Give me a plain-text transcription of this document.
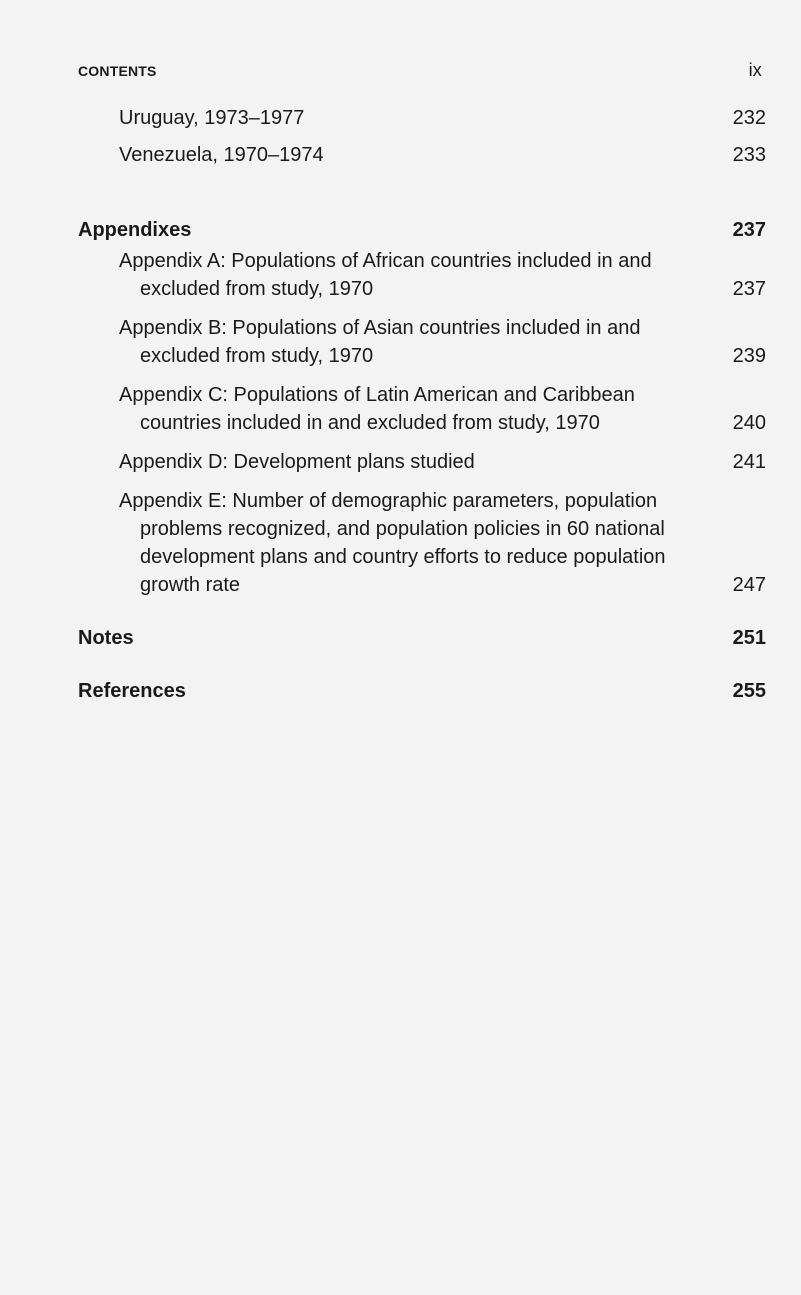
CONTENTS	ix
Uruguay, 1973–1977	232
Venezuela, 1970–1974	233
Appendixes	237
Appendix A: Populations of African countries included in and excluded from study, 1970	237
Appendix B: Populations of Asian countries included in and excluded from study, 1970	239
Appendix C: Populations of Latin American and Caribbean countries included in and excluded from study, 1970	240
Appendix D: Development plans studied	241
Appendix E: Number of demographic parameters, population problems recognized, and population policies in 60 national development plans and country efforts to reduce population growth rate	247
Notes	251
References	255
